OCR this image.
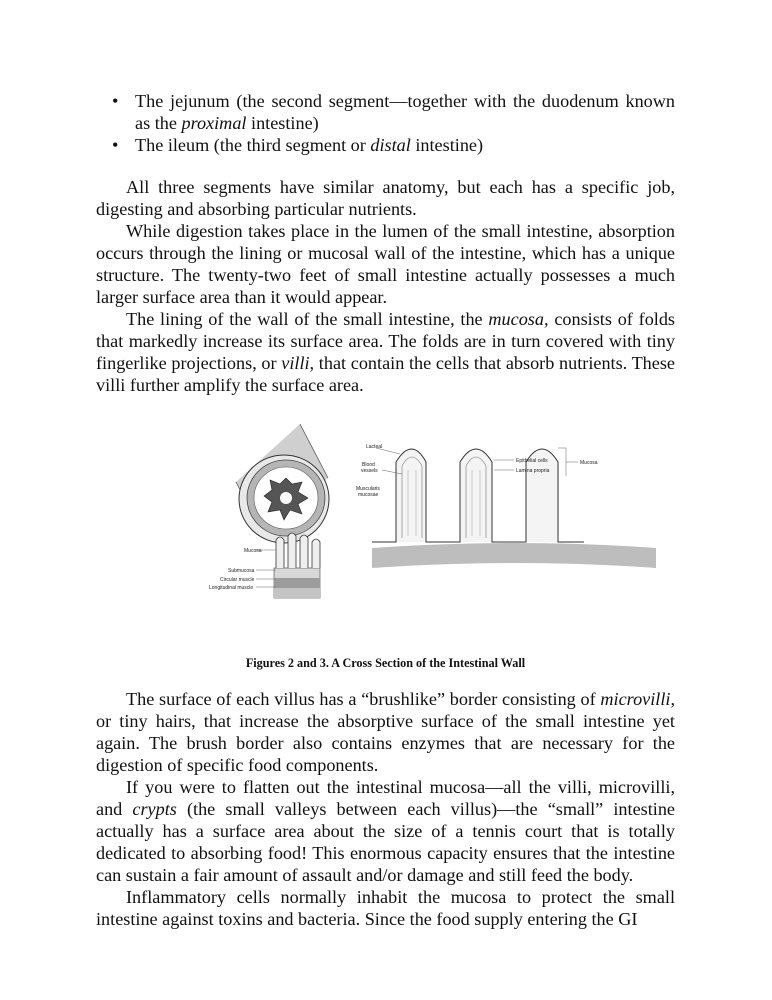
• The jejunum (the second segment—together with the duodenum known as the proximal intestine)
• The ileum (the third segment or distal intestine)

All three segments have similar anatomy, but each has a specific job, digesting and absorbing particular nutrients.

While digestion takes place in the lumen of the small intestine, absorption occurs through the lining or mucosal wall of the intestine, which has a unique structure. The twenty-two feet of small intestine actually possesses a much larger surface area than it would appear.

The lining of the wall of the small intestine, the mucosa, consists of folds that markedly increase its surface area. The folds are in turn covered with tiny fingerlike projections, or villi, that contain the cells that absorb nutrients. These villi further amplify the surface area.

Mucosa
Submucosa
Circular muscle
Longitudinal muscle
Lacteal
Blood
vessels
Muscularis
mucosae
Epithelial cells
Lamina propria
Mucosa
Figures 2 and 3. A Cross Section of the Intestinal Wall

The surface of each villus has a “brushlike” border consisting of microvilli, or tiny hairs, that increase the absorptive surface of the small intestine yet again. The brush border also contains enzymes that are necessary for the digestion of specific food components.

If you were to flatten out the intestinal mucosa—all the villi, microvilli, and crypts (the small valleys between each villus)—the “small” intestine actually has a surface area about the size of a tennis court that is totally dedicated to absorbing food! This enormous capacity ensures that the intestine can sustain a fair amount of assault and/or damage and still feed the body.

Inflammatory cells normally inhabit the mucosa to protect the small intestine against toxins and bacteria. Since the food supply entering the GI
